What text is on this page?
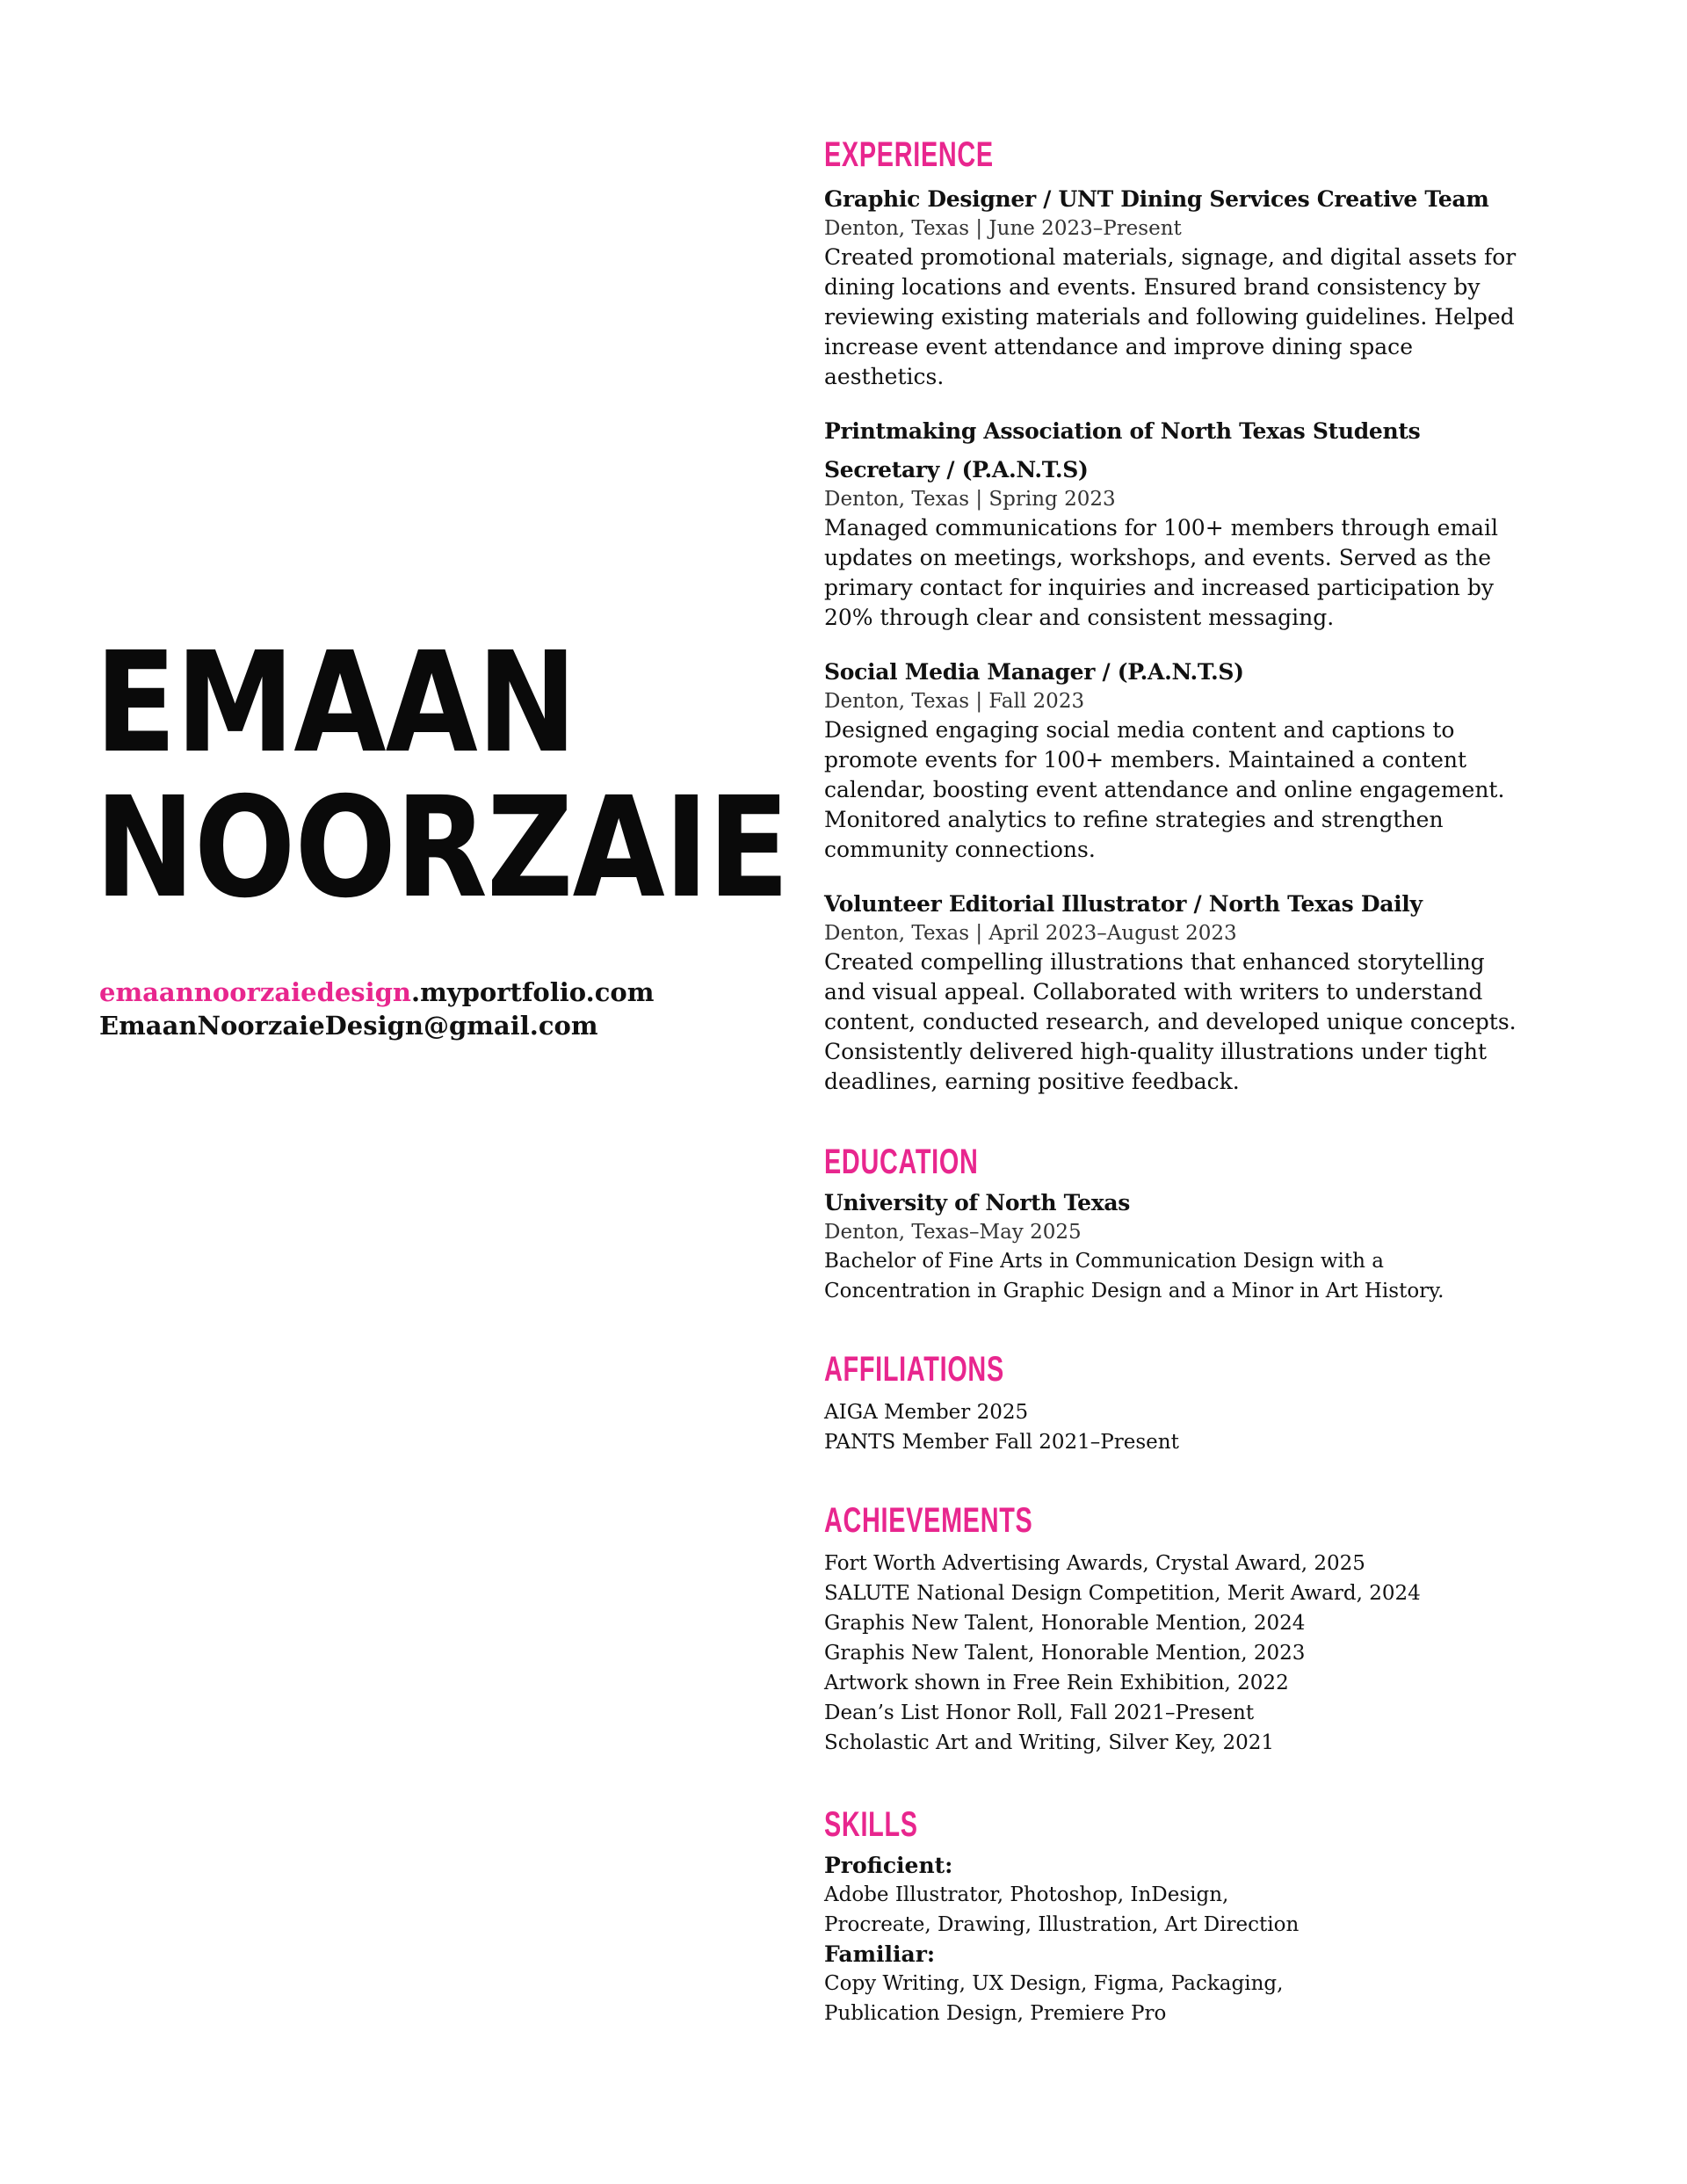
EMAAN
NOORZAIE
emaannoorzaiedesign.myportfolio.com
EmaanNoorzaieDesign@gmail.com
EXPERIENCE
Graphic Designer / UNT Dining Services Creative Team
Denton, Texas | June 2023–Present
Created promotional materials, signage, and digital assets for dining locations and events. Ensured brand consistency by reviewing existing materials and following guidelines. Helped increase event attendance and improve dining space aesthetics.
Printmaking Association of North Texas Students
Secretary / (P.A.N.T.S)
Denton, Texas | Spring 2023
Managed communications for 100+ members through email updates on meetings, workshops, and events. Served as the primary contact for inquiries and increased participation by 20% through clear and consistent messaging.
Social Media Manager / (P.A.N.T.S)
Denton, Texas | Fall 2023
Designed engaging social media content and captions to promote events for 100+ members. Maintained a content calendar, boosting event attendance and online engagement. Monitored analytics to refine strategies and strengthen community connections.
Volunteer Editorial Illustrator / North Texas Daily
Denton, Texas | April 2023–August 2023
Created compelling illustrations that enhanced storytelling and visual appeal. Collaborated with writers to understand content, conducted research, and developed unique concepts. Consistently delivered high-quality illustrations under tight deadlines, earning positive feedback.
EDUCATION
University of North Texas
Denton, Texas–May 2025
Bachelor of Fine Arts in Communication Design with a
Concentration in Graphic Design and a Minor in Art History.
AFFILIATIONS
AIGA Member 2025
PANTS Member Fall 2021–Present
ACHIEVEMENTS
Fort Worth Advertising Awards, Crystal Award, 2025
SALUTE National Design Competition, Merit Award, 2024
Graphis New Talent, Honorable Mention, 2024
Graphis New Talent, Honorable Mention, 2023
Artwork shown in Free Rein Exhibition, 2022
Dean’s List Honor Roll, Fall 2021–Present
Scholastic Art and Writing, Silver Key, 2021
SKILLS
Proficient:
Adobe Illustrator, Photoshop, InDesign,
Procreate, Drawing, Illustration, Art Direction
Familiar:
Copy Writing, UX Design, Figma, Packaging,
Publication Design, Premiere Pro
